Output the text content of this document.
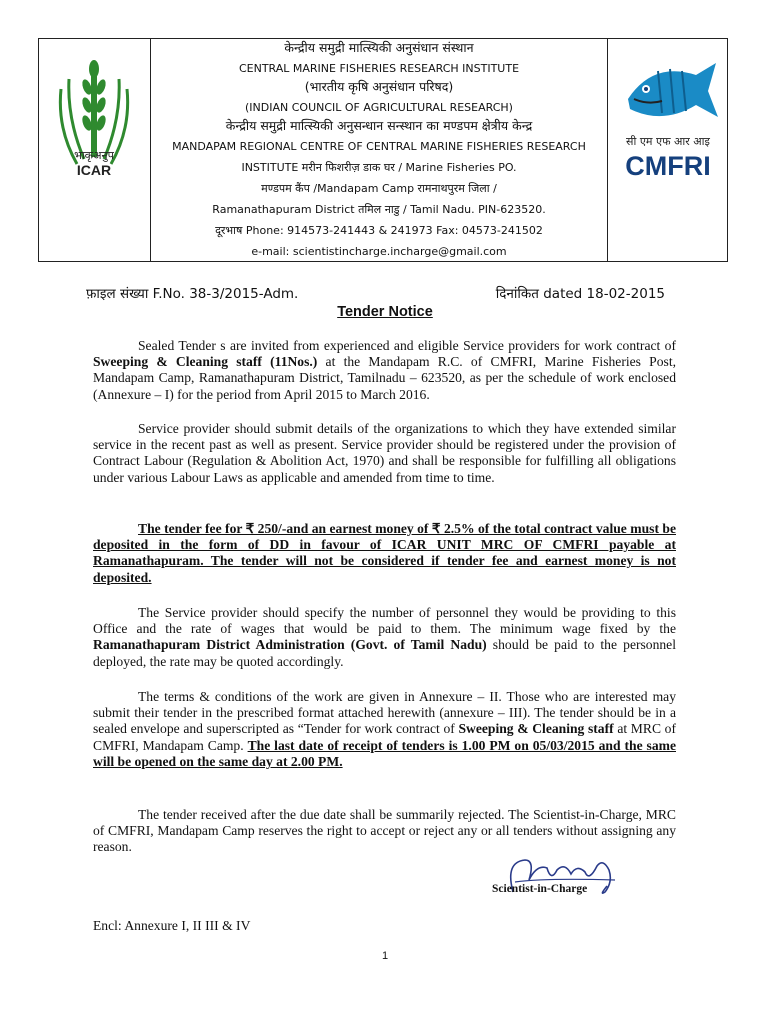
भाकृअनुप
ICAR
केन्द्रीय समुद्री मात्स्यिकी अनुसंधान संस्थान
CENTRAL MARINE FISHERIES RESEARCH INSTITUTE
(भारतीय कृषि अनुसंधान परिषद)
(INDIAN COUNCIL OF AGRICULTURAL RESEARCH)
केन्द्रीय समुद्री मात्स्यिकी अनुसन्धान सन्स्थान का मण्डपम क्षेत्रीय केन्द्र
MANDAPAM REGIONAL CENTRE OF CENTRAL MARINE FISHERIES RESEARCH
INSTITUTE मरीन फिशरीज़ डाक घर / Marine Fisheries PO.
मण्डपम कैंप /Mandapam Camp रामनाथपुरम जिला /
Ramanathapuram District तमिल नाडु / Tamil Nadu. PIN-623520.
दूरभाष Phone: 914573-241443 & 241973 Fax: 04573-241502
e-mail: scientistincharge.incharge@gmail.com
सी एम एफ आर आइ
CMFRI
फ़ाइल संख्या F.No. 38-3/2015-Adm.	दिनांकित dated 18-02-2015
Tender Notice

Sealed Tender s are invited from experienced and eligible Service providers for work contract of Sweeping & Cleaning staff (11Nos.) at the Mandapam R.C. of CMFRI, Marine Fisheries Post, Mandapam Camp, Ramanathapuram District, Tamilnadu – 623520, as per the schedule of work enclosed (Annexure – I) for the period from April 2015 to March 2016.

Service provider should submit details of the organizations to which they have extended similar service in the recent past as well as present. Service provider should be registered under the provision of Contract Labour (Regulation & Abolition Act, 1970) and shall be responsible for fulfilling all obligations under various Labour Laws as applicable and amended from time to time.

The tender fee for ₹ 250/-and an earnest money of ₹ 2.5% of the total contract value must be deposited in the form of DD in favour of ICAR UNIT MRC OF CMFRI payable at Ramanathapuram. The tender will not be considered if tender fee and earnest money is not deposited.

The Service provider should specify the number of personnel they would be providing to this Office and the rate of wages that would be paid to them. The minimum wage fixed by the Ramanathapuram District Administration (Govt. of Tamil Nadu) should be paid to the personnel deployed, the rate may be quoted accordingly.

The terms & conditions of the work are given in Annexure – II. Those who are interested may submit their tender in the prescribed format attached herewith (annexure – III). The tender should be in a sealed envelope and superscripted as “Tender for work contract of Sweeping & Cleaning staff at MRC of CMFRI, Mandapam Camp. The last date of receipt of tenders is 1.00 PM on 05/03/2015 and the same will be opened on the same day at 2.00 PM.

The tender received after the due date shall be summarily rejected. The Scientist-in-Charge, MRC of CMFRI, Mandapam Camp reserves the right to accept or reject any or all tenders without assigning any reason.

Scientist-in-Charge
Encl: Annexure I, II III & IV
1
